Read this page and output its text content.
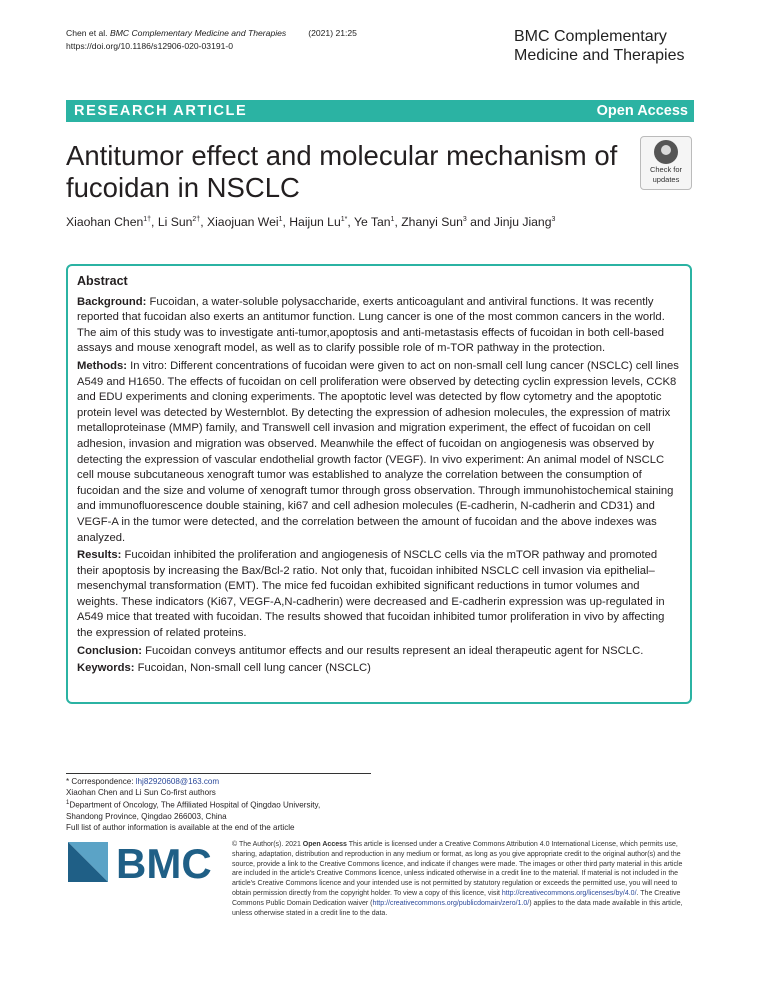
Chen et al. BMC Complementary Medicine and Therapies	(2021) 21:25
https://doi.org/10.1186/s12906-020-03191-0
BMC Complementary
Medicine and Therapies
RESEARCH ARTICLE	Open Access
Antitumor effect and molecular mechanism of fucoidan in NSCLC
Check for
updates
Xiaohan Chen$^{1\dagger}$, Li Sun$^{2\dagger}$, Xiaojuan Wei$^1$, Haijun $Lu^{1*}$, Ye Tan$^1$, Zhanyi Sun$^3$ and Jinju Jiang$^3$
Abstract

Background: Fucoidan, a water-soluble polysaccharide, exerts anticoagulant and antiviral functions. It was recently reported that fucoidan also exerts an antitumor function. Lung cancer is one of the most common cancers in the world. The aim of this study was to investigate anti-tumor,apoptosis and anti-metastasis effects of fucoidan in both cell-based assays and mouse xenograft model, as well as to clarify possible role of m-TOR pathway in the protection.

Methods: In vitro: Different concentrations of fucoidan were given to act on non-small cell lung cancer (NSCLC) cell lines A549 and H1650. The effects of fucoidan on cell proliferation were observed by detecting cyclin expression levels, CCK8 and EDU experiments and cloning experiments. The apoptotic level was detected by flow cytometry and the apoptotic protein level was detected by Westernblot. By detecting the expression of adhesion molecules, the expression of matrix metalloproteinase (MMP) family, and Transwell cell invasion and migration experiment, the effect of fucoidan on cell adhesion, invasion and migration was observed. Meanwhile the effect of fucoidan on angiogenesis was observed by detecting the expression of vascular endothelial growth factor (VEGF). In vivo experiment: An animal model of NSCLC cell mouse subcutaneous xenograft tumor was established to analyze the correlation between the consumption of fucoidan and the size and volume of xenograft tumor through gross observation. Through immunohistochemical staining and immunofluorescence double staining, ki67 and cell adhesion molecules (E-cadherin, N-cadherin and CD31) and VEGF-A in the tumor were detected, and the correlation between the amount of fucoidan and the above indexes was analyzed.

Results: Fucoidan inhibited the proliferation and angiogenesis of NSCLC cells via the mTOR pathway and promoted their apoptosis by increasing the Bax/Bcl-2 ratio. Not only that, fucoidan inhibited NSCLC cell invasion via epithelial–mesenchymal transformation (EMT). The mice fed fucoidan exhibited significant reductions in tumor volumes and weights. These indicators (Ki67, VEGF-A,N-cadherin) were decreased and E-cadherin expression was up-regulated in A549 mice that treated with fucoidan. The results showed that fucoidan inhibited tumor proliferation in vivo by affecting the expression of related proteins.

Conclusion: Fucoidan conveys antitumor effects and our results represent an ideal therapeutic agent for NSCLC.

Keywords: Fucoidan, Non-small cell lung cancer (NSCLC)

* Correspondence: lhj82920608@163.com
Xiaohan Chen and Li Sun Co-first authors
$^1$Department of Oncology, The Affiliated Hospital of Qingdao University,
Shandong Province, Qingdao 266003, China
Full list of author information is available at the end of the article
BMC	© The Author(s). 2021 Open Access This article is licensed under a Creative Commons Attribution 4.0 International License, which permits use, sharing, adaptation, distribution and reproduction in any medium or format, as long as you give appropriate credit to the original author(s) and the source, provide a link to the Creative Commons licence, and indicate if changes were made. The images or other third party material in this article are included in the article's Creative Commons licence, unless indicated otherwise in a credit line to the material. If material is not included in the article's Creative Commons licence and your intended use is not permitted by statutory regulation or exceeds the permitted use, you will need to obtain permission directly from the copyright holder. To view a copy of this licence, visit http://creativecommons.org/licenses/by/4.0/. The Creative Commons Public Domain Dedication waiver (http://creativecommons.org/publicdomain/zero/1.0/) applies to the data made available in this article, unless otherwise stated in a credit line to the data.
